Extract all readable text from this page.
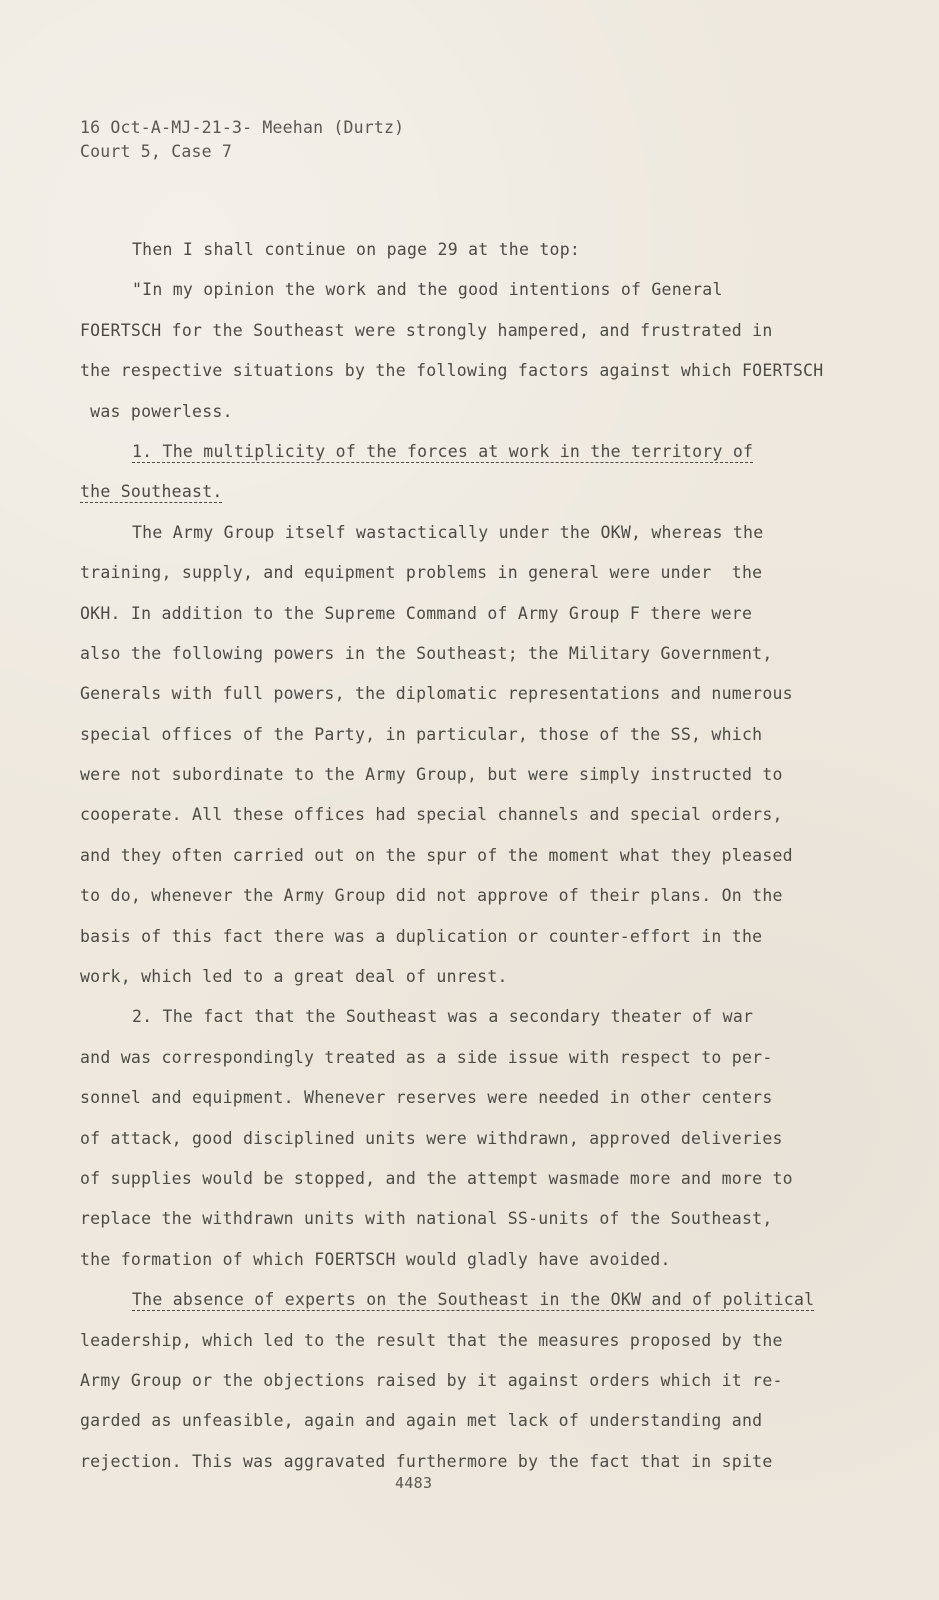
16 Oct-A-MJ-21-3- Meehan (Durtz)
Court 5, Case 7
Then I shall continue on page 29 at the top:
"In my opinion the work and the good intentions of General
FOERTSCH for the Southeast were strongly hampered, and frustrated in
the respective situations by the following factors against which FOERTSCH
was powerless.
1. The multiplicity of the forces at work in the territory of
the Southeast.
The Army Group itself wastactically under the OKW, whereas the
training, supply, and equipment problems in general were under  the
OKH. In addition to the Supreme Command of Army Group F there were
also the following powers in the Southeast; the Military Government,
Generals with full powers, the diplomatic representations and numerous
special offices of the Party, in particular, those of the SS, which
were not subordinate to the Army Group, but were simply instructed to
cooperate. All these offices had special channels and special orders,
and they often carried out on the spur of the moment what they pleased
to do, whenever the Army Group did not approve of their plans. On the
basis of this fact there was a duplication or counter-effort in the
work, which led to a great deal of unrest.
2. The fact that the Southeast was a secondary theater of war
and was correspondingly treated as a side issue with respect to per-
sonnel and equipment. Whenever reserves were needed in other centers
of attack, good disciplined units were withdrawn, approved deliveries
of supplies would be stopped, and the attempt wasmade more and more to
replace the withdrawn units with national SS-units of the Southeast,
the formation of which FOERTSCH would gladly have avoided.
The absence of experts on the Southeast in the OKW and of political
leadership, which led to the result that the measures proposed by the
Army Group or the objections raised by it against orders which it re-
garded as unfeasible, again and again met lack of understanding and
rejection. This was aggravated furthermore by the fact that in spite
4483
